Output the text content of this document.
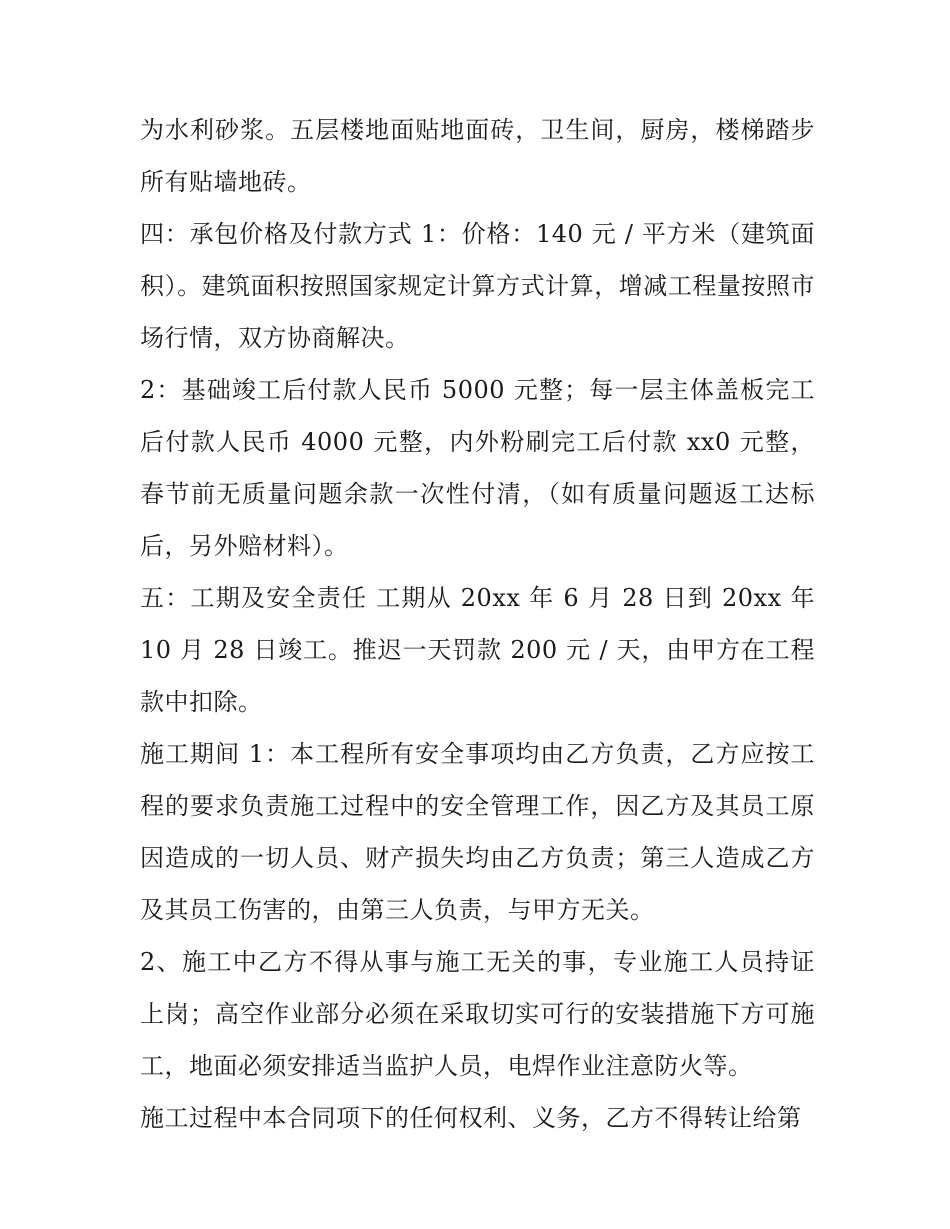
为水利砂浆。五层楼地面贴地面砖，卫生间，厨房，楼梯踏步所有贴墙地砖。

四：承包价格及付款方式 1：价格：140 元 / 平方米（建筑面积）。建筑面积按照国家规定计算方式计算，增减工程量按照市场行情，双方协商解决。

2：基础竣工后付款人民币 5000 元整；每一层主体盖板完工后付款人民币 4000 元整，内外粉刷完工后付款 xx0 元整，春节前无质量问题余款一次性付清，（如有质量问题返工达标后，另外赔材料）。

五：工期及安全责任 工期从 20xx 年 6 月 28 日到 20xx 年 10 月 28 日竣工。推迟一天罚款 200 元 / 天，由甲方在工程款中扣除。

施工期间 1：本工程所有安全事项均由乙方负责，乙方应按工程的要求负责施工过程中的安全管理工作，因乙方及其员工原因造成的一切人员、财产损失均由乙方负责；第三人造成乙方及其员工伤害的，由第三人负责，与甲方无关。

2、施工中乙方不得从事与施工无关的事，专业施工人员持证上岗；高空作业部分必须在采取切实可行的安装措施下方可施工，地面必须安排适当监护人员，电焊作业注意防火等。

施工过程中本合同项下的任何权利、义务，乙方不得转让给第
